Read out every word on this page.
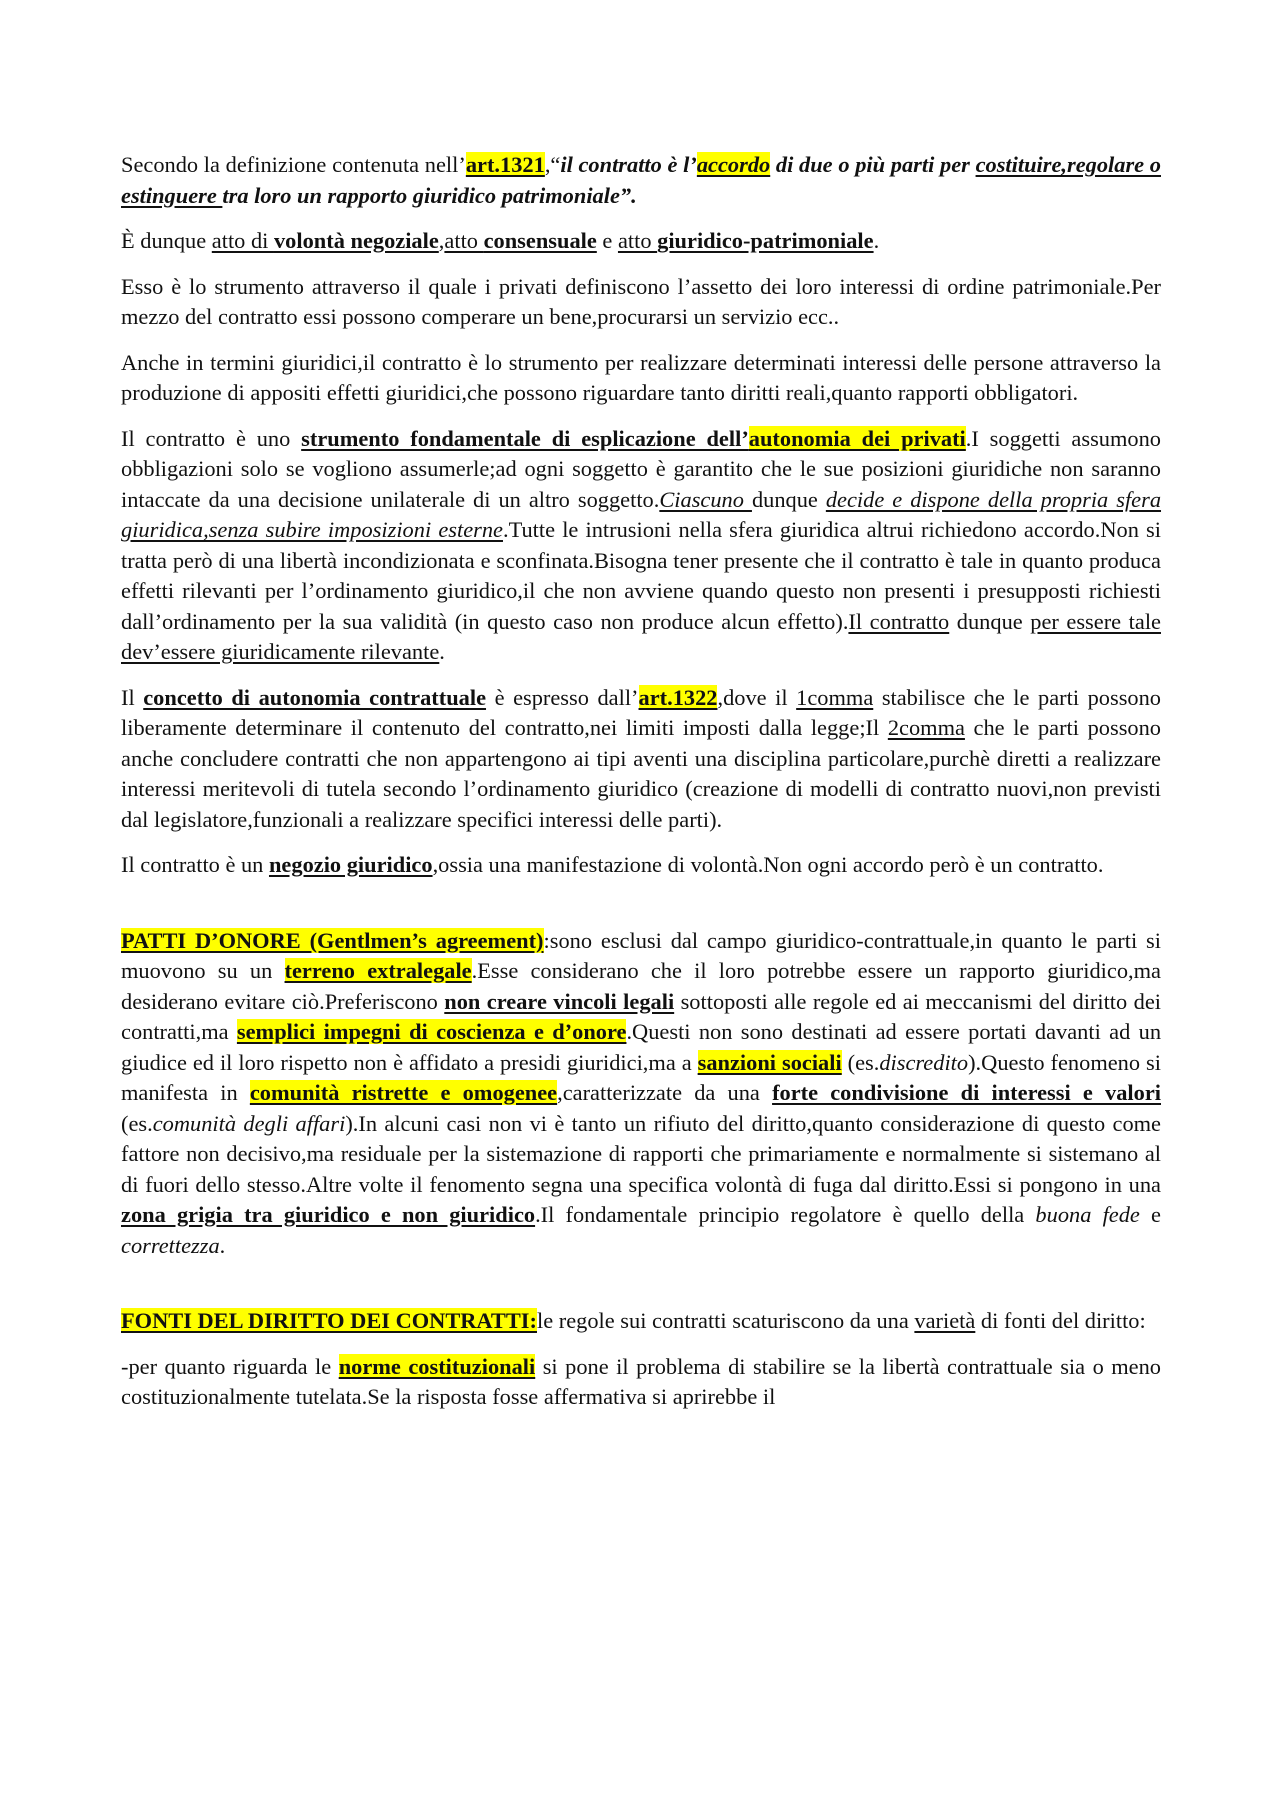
Secondo la definizione contenuta nell’art.1321,“il contratto è l’accordo di due o più parti per costituire,regolare o estinguere tra loro un rapporto giuridico patrimoniale”.

È dunque atto di volontà negoziale,atto consensuale e atto giuridico-patrimoniale.

Esso è lo strumento attraverso il quale i privati definiscono l’assetto dei loro interessi di ordine patrimoniale.Per mezzo del contratto essi possono comperare un bene,procurarsi un servizio ecc..

Anche in termini giuridici,il contratto è lo strumento per realizzare determinati interessi delle persone attraverso la produzione di appositi effetti giuridici,che possono riguardare tanto diritti reali,quanto rapporti obbligatori.

Il contratto è uno strumento fondamentale di esplicazione dell’autonomia dei privati.I soggetti assumono obbligazioni solo se vogliono assumerle;ad ogni soggetto è garantito che le sue posizioni giuridiche non saranno intaccate da una decisione unilaterale di un altro soggetto.Ciascuno dunque decide e dispone della propria sfera giuridica,senza subire imposizioni esterne.Tutte le intrusioni nella sfera giuridica altrui richiedono accordo.Non si tratta però di una libertà incondizionata e sconfinata.Bisogna tener presente che il contratto è tale in quanto produca effetti rilevanti per l’ordinamento giuridico,il che non avviene quando questo non presenti i presupposti richiesti dall’ordinamento per la sua validità (in questo caso non produce alcun effetto).Il contratto dunque per essere tale dev’essere giuridicamente rilevante.

Il concetto di autonomia contrattuale è espresso dall’art.1322,dove il 1comma stabilisce che le parti possono liberamente determinare il contenuto del contratto,nei limiti imposti dalla legge;Il 2comma che le parti possono anche concludere contratti che non appartengono ai tipi aventi una disciplina particolare,purchè diretti a realizzare interessi meritevoli di tutela secondo l’ordinamento giuridico (creazione di modelli di contratto nuovi,non previsti dal legislatore,funzionali a realizzare specifici interessi delle parti).

Il contratto è un negozio giuridico,ossia una manifestazione di volontà.Non ogni accordo però è un contratto.

PATTI D’ONORE (Gentlmen’s agreement):sono esclusi dal campo giuridico-contrattuale,in quanto le parti si muovono su un terreno extralegale.Esse considerano che il loro potrebbe essere un rapporto giuridico,ma desiderano evitare ciò.Preferiscono non creare vincoli legali sottoposti alle regole ed ai meccanismi del diritto dei contratti,ma semplici impegni di coscienza e d’onore.Questi non sono destinati ad essere portati davanti ad un giudice ed il loro rispetto non è affidato a presidi giuridici,ma a sanzioni sociali (es.discredito).Questo fenomeno si manifesta in comunità ristrette e omogenee,caratterizzate da una forte condivisione di interessi e valori (es.comunità degli affari).In alcuni casi non vi è tanto un rifiuto del diritto,quanto considerazione di questo come fattore non decisivo,ma residuale per la sistemazione di rapporti che primariamente e normalmente si sistemano al di fuori dello stesso.Altre volte il fenomento segna una specifica volontà di fuga dal diritto.Essi si pongono in una zona grigia tra giuridico e non giuridico.Il fondamentale principio regolatore è quello della buona fede e correttezza.

FONTI DEL DIRITTO DEI CONTRATTI:le regole sui contratti scaturiscono da una varietà di fonti del diritto:

-per quanto riguarda le norme costituzionali si pone il problema di stabilire se la libertà contrattuale sia o meno costituzionalmente tutelata.Se la risposta fosse affermativa si aprirebbe il
